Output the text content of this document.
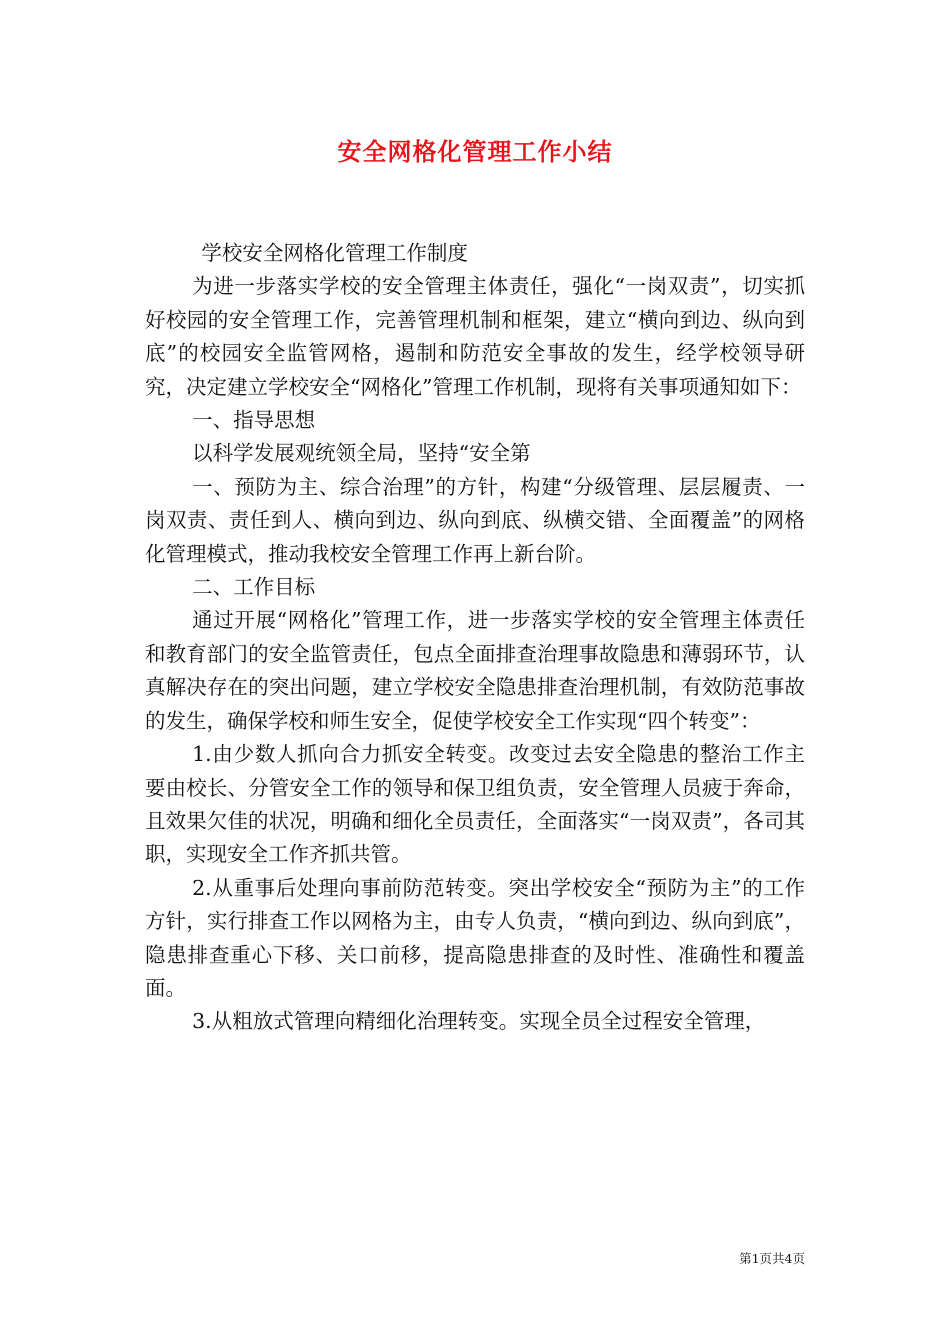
安全网格化管理工作小结

学校安全网格化管理工作制度

为进一步落实学校的安全管理主体责任，强化“一岗双责”，切实抓好校园的安全管理工作，完善管理机制和框架，建立“横向到边、纵向到底”的校园安全监管网格，遏制和防范安全事故的发生，经学校领导研究，决定建立学校安全“网格化”管理工作机制，现将有关事项通知如下：

一、指导思想

以科学发展观统领全局，坚持“安全第

一、预防为主、综合治理”的方针，构建“分级管理、层层履责、一岗双责、责任到人、横向到边、纵向到底、纵横交错、全面覆盖”的网格化管理模式，推动我校安全管理工作再上新台阶。

二、工作目标

通过开展“网格化”管理工作，进一步落实学校的安全管理主体责任和教育部门的安全监管责任，包点全面排查治理事故隐患和薄弱环节，认真解决存在的突出问题，建立学校安全隐患排查治理机制，有效防范事故的发生，确保学校和师生安全，促使学校安全工作实现“四个转变”：

1.由少数人抓向合力抓安全转变。改变过去安全隐患的整治工作主要由校长、分管安全工作的领导和保卫组负责，安全管理人员疲于奔命，且效果欠佳的状况，明确和细化全员责任，全面落实“一岗双责”，各司其职，实现安全工作齐抓共管。

2.从重事后处理向事前防范转变。突出学校安全“预防为主”的工作方针，实行排查工作以网格为主，由专人负责，“横向到边、纵向到底”，隐患排查重心下移、关口前移，提高隐患排查的及时性、准确性和覆盖面。

3.从粗放式管理向精细化治理转变。实现全员全过程安全管理，

第1页共4页
